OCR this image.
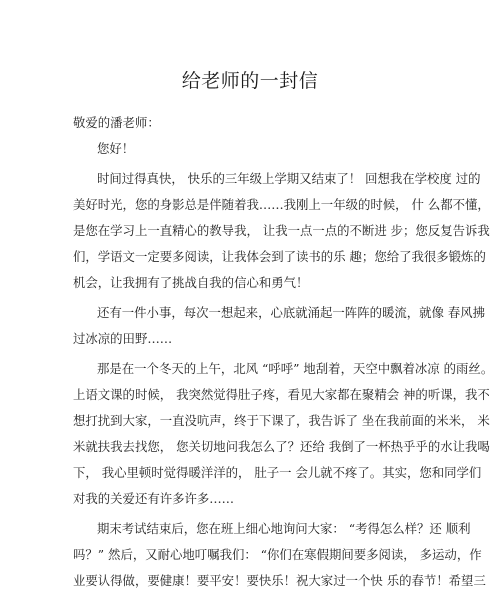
给老师的一封信
敬爱的潘老师：
您好！
时间过得真快， 快乐的三年级上学期又结束了！ 回想我在学校度 过的
美好时光，您的身影总是伴随着我……我刚上一年级的时候， 什 么都不懂，
是您在学习上一直精心的教导我， 让我一点一点的不断进 步；您反复告诉我
们，学语文一定要多阅读，让我体会到了读书的乐 趣；您给了我很多锻炼的
机会，让我拥有了挑战自我的信心和勇气！
还有一件小事，每次一想起来，心底就涌起一阵阵的暖流，就像 春风拂
过冰凉的田野……
那是在一个冬天的上午，北风 “呼呼” 地刮着，天空中飘着冰凉 的雨丝。
上语文课的时候， 我突然觉得肚子疼，看见大家都在聚精会 神的听课，我不
想打扰到大家，一直没吭声，终于下课了，我告诉了 坐在我前面的米米， 米
米就扶我去找您， 您关切地问我怎么了？还给 我倒了一杯热乎乎的水让我喝
下， 我心里顿时觉得暖洋洋的， 肚子一 会儿就不疼了。其实，您和同学们
对我的关爱还有许多许多……
期末考试结束后，您在班上细心地询问大家： “考得怎么样？还 顺利
吗？” 然后，又耐心地叮嘱我们： “你们在寒假期间要多阅读， 多运动，作
业要认得做，要健康！要平安！要快乐！祝大家过一个快 乐的春节！希望三
